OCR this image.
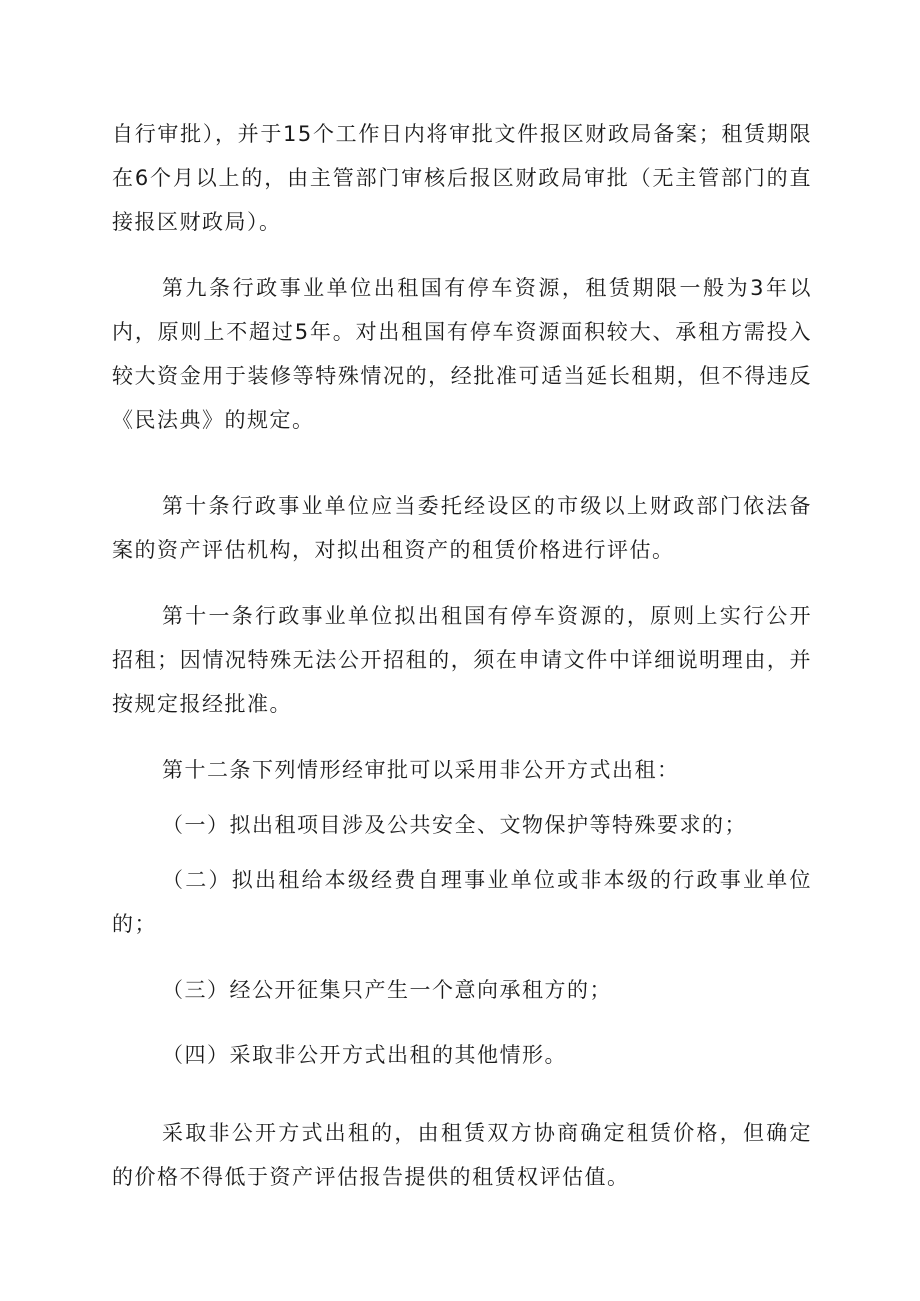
自行审批），并于15个工作日内将审批文件报区财政局备案；租赁期限在6个月以上的，由主管部门审核后报区财政局审批（无主管部门的直接报区财政局）。

第九条行政事业单位出租国有停车资源，租赁期限一般为3年以内，原则上不超过5年。对出租国有停车资源面积较大、承租方需投入较大资金用于装修等特殊情况的，经批准可适当延长租期，但不得违反《民法典》的规定。

第十条行政事业单位应当委托经设区的市级以上财政部门依法备案的资产评估机构，对拟出租资产的租赁价格进行评估。

第十一条行政事业单位拟出租国有停车资源的，原则上实行公开招租；因情况特殊无法公开招租的，须在申请文件中详细说明理由，并按规定报经批准。

第十二条下列情形经审批可以采用非公开方式出租：

（一）拟出租项目涉及公共安全、文物保护等特殊要求的；

（二）拟出租给本级经费自理事业单位或非本级的行政事业单位的；

（三）经公开征集只产生一个意向承租方的；

（四）采取非公开方式出租的其他情形。

采取非公开方式出租的，由租赁双方协商确定租赁价格，但确定的价格不得低于资产评估报告提供的租赁权评估值。
